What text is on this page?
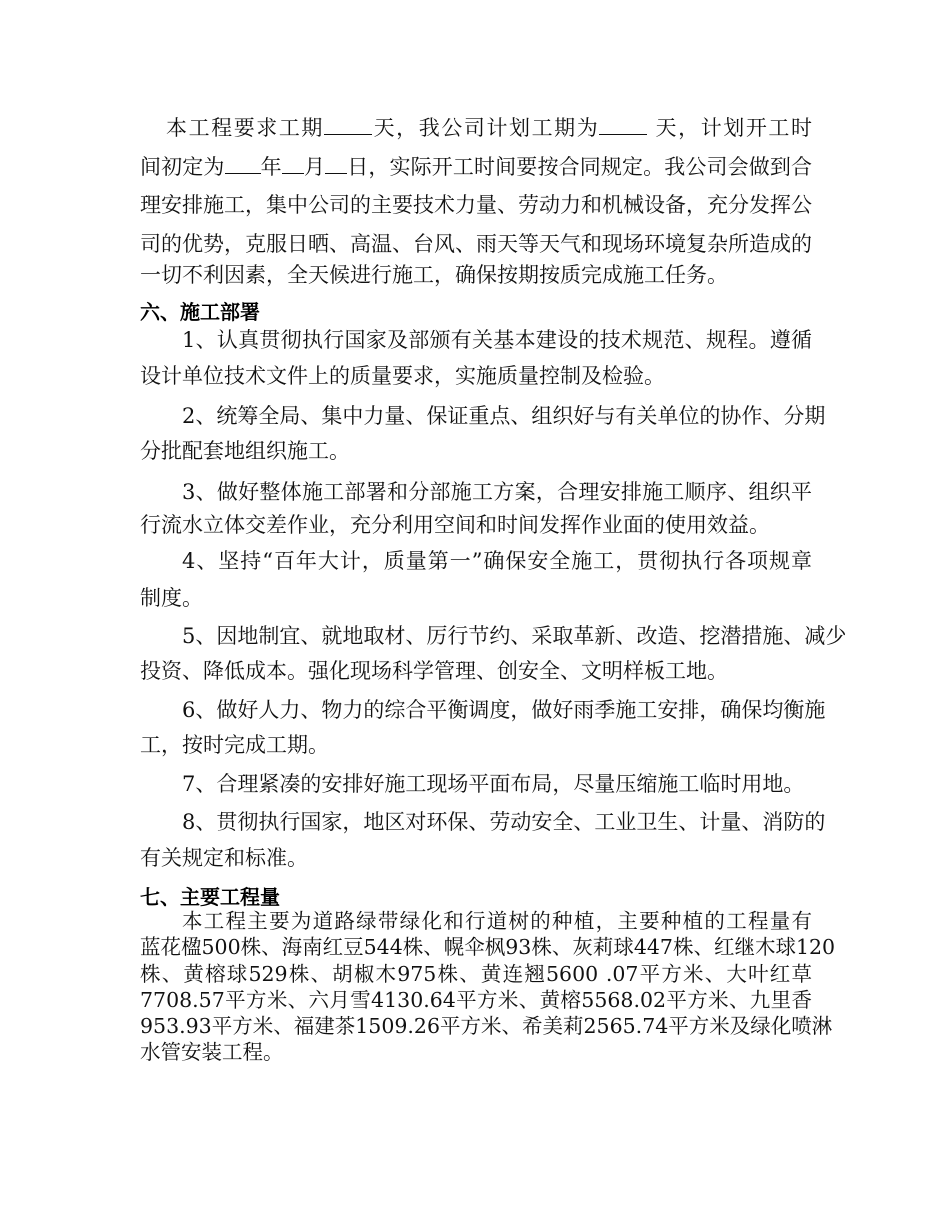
本工程要求工期 天，我公司计划工期为 天，计划开工时
间初定为 年 月 日，实际开工时间要按合同规定。我公司会做到合
理安排施工，集中公司的主要技术力量、劳动力和机械设备，充分发挥公
司的优势，克服日晒、高温、台风、雨天等天气和现场环境复杂所造成的
一切不利因素，全天候进行施工，确保按期按质完成施工任务。
六、施工部署
1、认真贯彻执行国家及部颁有关基本建设的技术规范、规程。遵循
设计单位技术文件上的质量要求，实施质量控制及检验。
2、统筹全局、集中力量、保证重点、组织好与有关单位的协作、分期
分批配套地组织施工。
3、做好整体施工部署和分部施工方案，合理安排施工顺序、组织平
行流水立体交差作业，充分利用空间和时间发挥作业面的使用效益。
4、坚持“百年大计，质量第一”确保安全施工，贯彻执行各项规章
制度。
5、因地制宜、就地取材、厉行节约、采取革新、改造、挖潜措施、减少
投资、降低成本。强化现场科学管理、创安全、文明样板工地。
6、做好人力、物力的综合平衡调度，做好雨季施工安排，确保均衡施
工，按时完成工期。
7、合理紧凑的安排好施工现场平面布局，尽量压缩施工临时用地。
8、贯彻执行国家，地区对环保、劳动安全、工业卫生、计量、消防的
有关规定和标准。
七、主要工程量
本工程主要为道路绿带绿化和行道树的种植，主要种植的工程量有
蓝花楹500株、海南红豆544株、幌伞枫93株、灰莉球447株、红继木球120
株、黄榕球529株、胡椒木975株、黄连翘5600 .07平方米、大叶红草
7708.57平方米、六月雪4130.64平方米、黄榕5568.02平方米、九里香
953.93平方米、福建茶1509.26平方米、希美莉2565.74平方米及绿化喷淋
水管安装工程。
